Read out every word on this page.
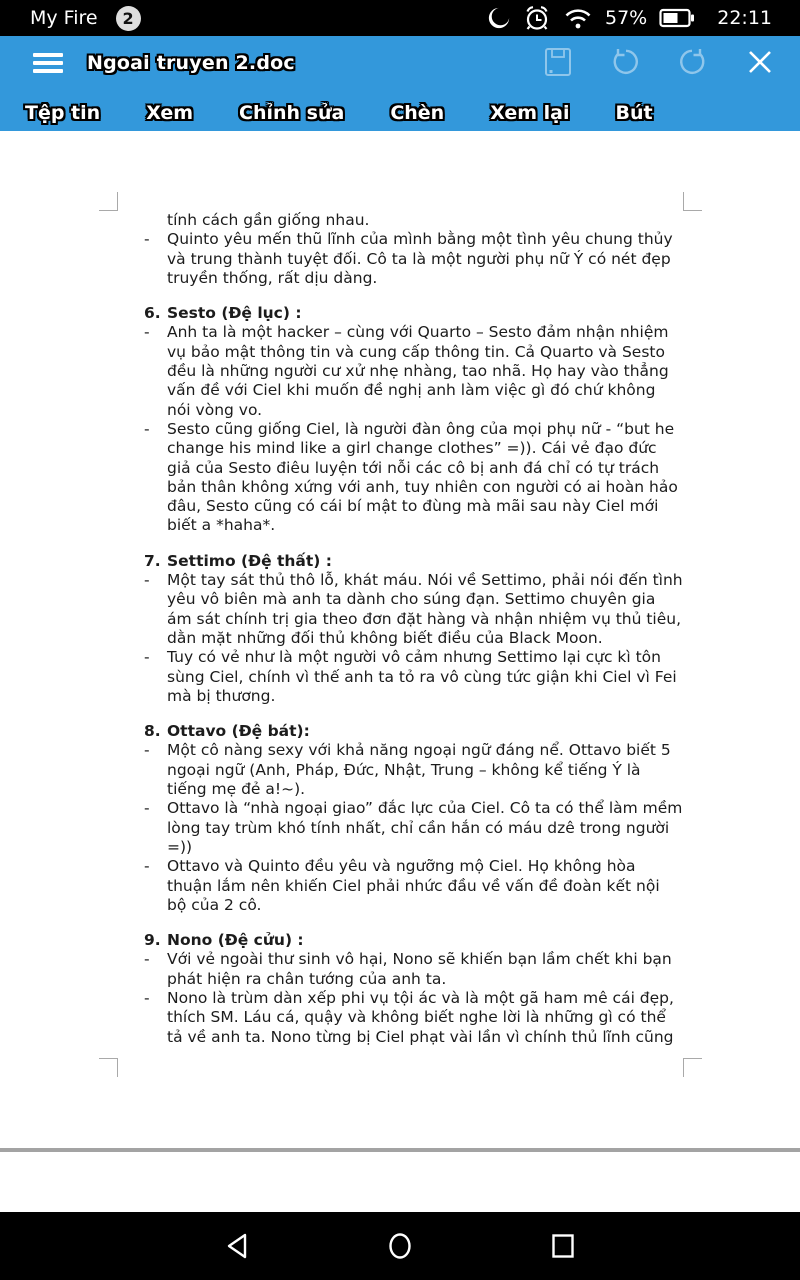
My Fire	2	57%	22:11
Ngoai truyen 2.doc
Tệp tin Xem Chỉnh sửa Chèn Xem lại Bút
tính cách gần giống nhau.
- Quinto yêu mến thũ lĩnh của mình bằng một tình yêu chung thủy và trung thành tuyệt đối. Cô ta là một người phụ nữ Ý có nét đẹp truyền thống, rất dịu dàng.
6. Sesto (Đệ lục) :
- Anh ta là một hacker – cùng với Quarto – Sesto đảm nhận nhiệm vụ bảo mật thông tin và cung cấp thông tin. Cả Quarto và Sesto đều là những người cư xử nhẹ nhàng, tao nhã. Họ hay vào thẳng vấn đề với Ciel khi muốn đề nghị anh làm việc gì đó chứ không nói vòng vo.
- Sesto cũng giống Ciel, là người đàn ông của mọi phụ nữ - “but he change his mind like a girl change clothes” =)). Cái vẻ đạo đức giả của Sesto điêu luyện tới nỗi các cô bị anh đá chỉ có tự trách bản thân không xứng với anh, tuy nhiên con người có ai hoàn hảo đâu, Sesto cũng có cái bí mật to đùng mà mãi sau này Ciel mới biết a *haha*.
7. Settimo (Đệ thất) :
- Một tay sát thủ thô lỗ, khát máu. Nói về Settimo, phải nói đến tình yêu vô biên mà anh ta dành cho súng đạn. Settimo chuyên gia ám sát chính trị gia theo đơn đặt hàng và nhận nhiệm vụ thủ tiêu, dằn mặt những đối thủ không biết điều của Black Moon.
- Tuy có vẻ như là một người vô cảm nhưng Settimo lại cực kì tôn sùng Ciel, chính vì thế anh ta tỏ ra vô cùng tức giận khi Ciel vì Fei mà bị thương.
8. Ottavo (Đệ bát):
- Một cô nàng sexy với khả năng ngoại ngữ đáng nể. Ottavo biết 5 ngoại ngữ (Anh, Pháp, Đức, Nhật, Trung – không kể tiếng Ý là tiếng mẹ đẻ a!~).
- Ottavo là “nhà ngoại giao” đắc lực của Ciel. Cô ta có thể làm mềm lòng tay trùm khó tính nhất, chỉ cần hắn có máu dzê trong người =))
- Ottavo và Quinto đều yêu và ngưỡng mộ Ciel. Họ không hòa thuận lắm nên khiến Ciel phải nhức đầu về vấn đề đoàn kết nội bộ của 2 cô.
9. Nono (Đệ cửu) :
- Với vẻ ngoài thư sinh vô hại, Nono sẽ khiến bạn lầm chết khi bạn phát hiện ra chân tướng của anh ta.
- Nono là trùm dàn xếp phi vụ tội ác và là một gã ham mê cái đẹp, thích SM. Láu cá, quậy và không biết nghe lời là những gì có thể tả về anh ta. Nono từng bị Ciel phạt vài lần vì chính thủ lĩnh cũng
